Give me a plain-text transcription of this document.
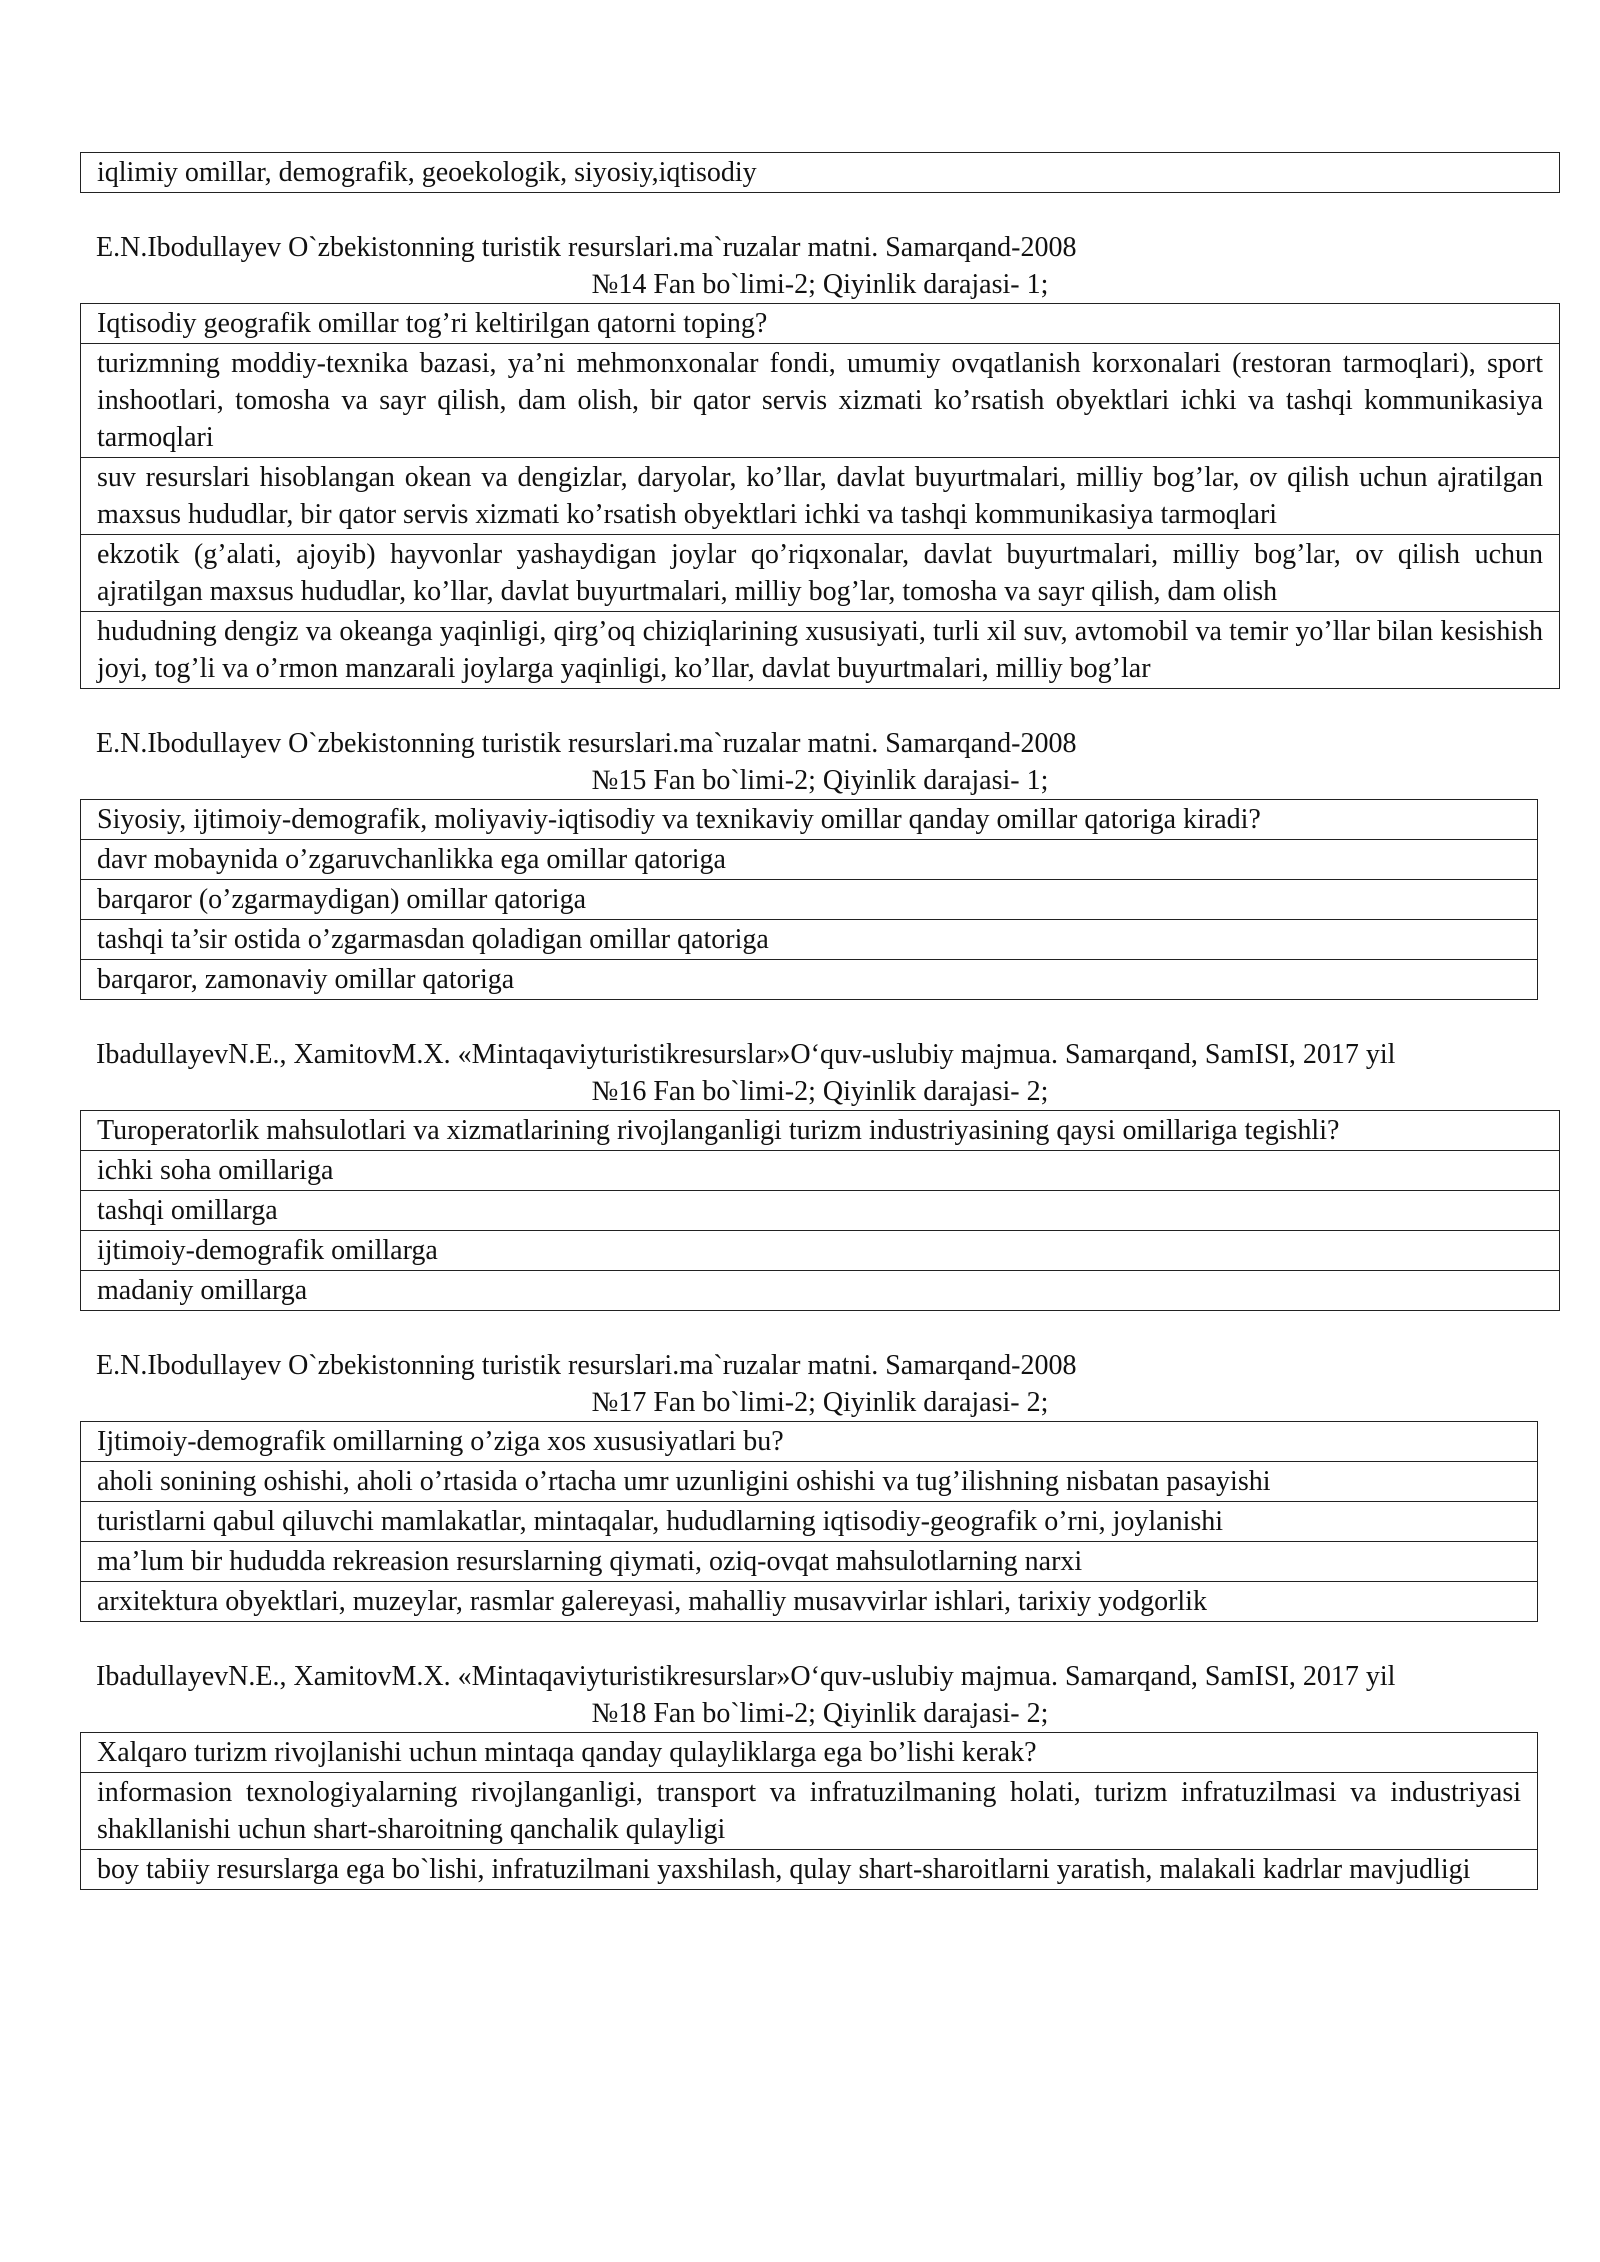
iqlimiy omillar, demografik, geoekologik, siyosiy,iqtisodiy
E.N.Ibodullayev O`zbekistonning turistik resurslari.ma`ruzalar matni. Samarqand-2008
№14 Fan bo`limi-2; Qiyinlik darajasi- 1;
Iqtisodiy geografik omillar tog’ri keltirilgan qatorni toping?
turizmning moddiy-texnika bazasi, ya’ni mehmonxonalar fondi, umumiy ovqatlanish korxonalari (restoran tarmoqlari), sport inshootlari, tomosha va sayr qilish, dam olish, bir qator servis xizmati ko’rsatish obyektlari ichki va tashqi kommunikasiya tarmoqlari
suv resurslari hisoblangan okean va dengizlar, daryolar, ko’llar, davlat buyurtmalari, milliy bog’lar, ov qilish uchun ajratilgan maxsus hududlar, bir qator servis xizmati ko’rsatish obyektlari ichki va tashqi kommunikasiya tarmoqlari
ekzotik (g’alati, ajoyib) hayvonlar yashaydigan joylar qo’riqxonalar, davlat buyurtmalari, milliy bog’lar, ov qilish uchun ajratilgan maxsus hududlar, ko’llar, davlat buyurtmalari, milliy bog’lar, tomosha va sayr qilish, dam olish
hududning dengiz va okeanga yaqinligi, qirg’oq chiziqlarining xususiyati, turli xil suv, avtomobil va temir yo’llar bilan kesishish joyi, tog’li va o’rmon manzarali joylarga yaqinligi, ko’llar, davlat buyurtmalari, milliy bog’lar
E.N.Ibodullayev O`zbekistonning turistik resurslari.ma`ruzalar matni. Samarqand-2008
№15 Fan bo`limi-2; Qiyinlik darajasi- 1;
Siyosiy, ijtimoiy-demografik, moliyaviy-iqtisodiy va texnikaviy omillar qanday omillar qatoriga kiradi?
davr mobaynida o’zgaruvchanlikka ega omillar qatoriga
barqaror (o’zgarmaydigan) omillar qatoriga
tashqi ta’sir ostida o’zgarmasdan qoladigan omillar qatoriga
barqaror, zamonaviy omillar qatoriga
IbadullayevN.E., XamitovM.X. «Mintaqaviyturistikresurslar»O‘quv-uslubiy majmua. Samarqand, SamISI, 2017 yil
№16 Fan bo`limi-2; Qiyinlik darajasi- 2;
Turoperatorlik mahsulotlari va xizmatlarining rivojlanganligi turizm industriyasining qaysi omillariga tegishli?
ichki soha omillariga
tashqi omillarga
ijtimoiy-demografik omillarga
madaniy omillarga
E.N.Ibodullayev O`zbekistonning turistik resurslari.ma`ruzalar matni. Samarqand-2008
№17 Fan bo`limi-2; Qiyinlik darajasi- 2;
Ijtimoiy-demografik omillarning o’ziga xos xususiyatlari bu?
aholi sonining oshishi, aholi o’rtasida o’rtacha umr uzunligini oshishi va tug’ilishning nisbatan pasayishi
turistlarni qabul qiluvchi mamlakatlar, mintaqalar, hududlarning iqtisodiy-geografik o’rni, joylanishi
ma’lum bir hududda rekreasion resurslarning qiymati, oziq-ovqat mahsulotlarning narxi
arxitektura obyektlari, muzeylar, rasmlar galereyasi, mahalliy musavvirlar ishlari, tarixiy yodgorlik
IbadullayevN.E., XamitovM.X. «Mintaqaviyturistikresurslar»O‘quv-uslubiy majmua. Samarqand, SamISI, 2017 yil
№18 Fan bo`limi-2; Qiyinlik darajasi- 2;
Xalqaro turizm rivojlanishi uchun mintaqa qanday qulayliklarga ega bo’lishi kerak?
informasion texnologiyalarning rivojlanganligi, transport va infratuzilmaning holati, turizm infratuzilmasi va industriyasi shakllanishi uchun shart-sharoitning qanchalik qulayligi
boy tabiiy resurslarga ega bo`lishi, infratuzilmani yaxshilash, qulay shart-sharoitlarni yaratish, malakali kadrlar mavjudligi
